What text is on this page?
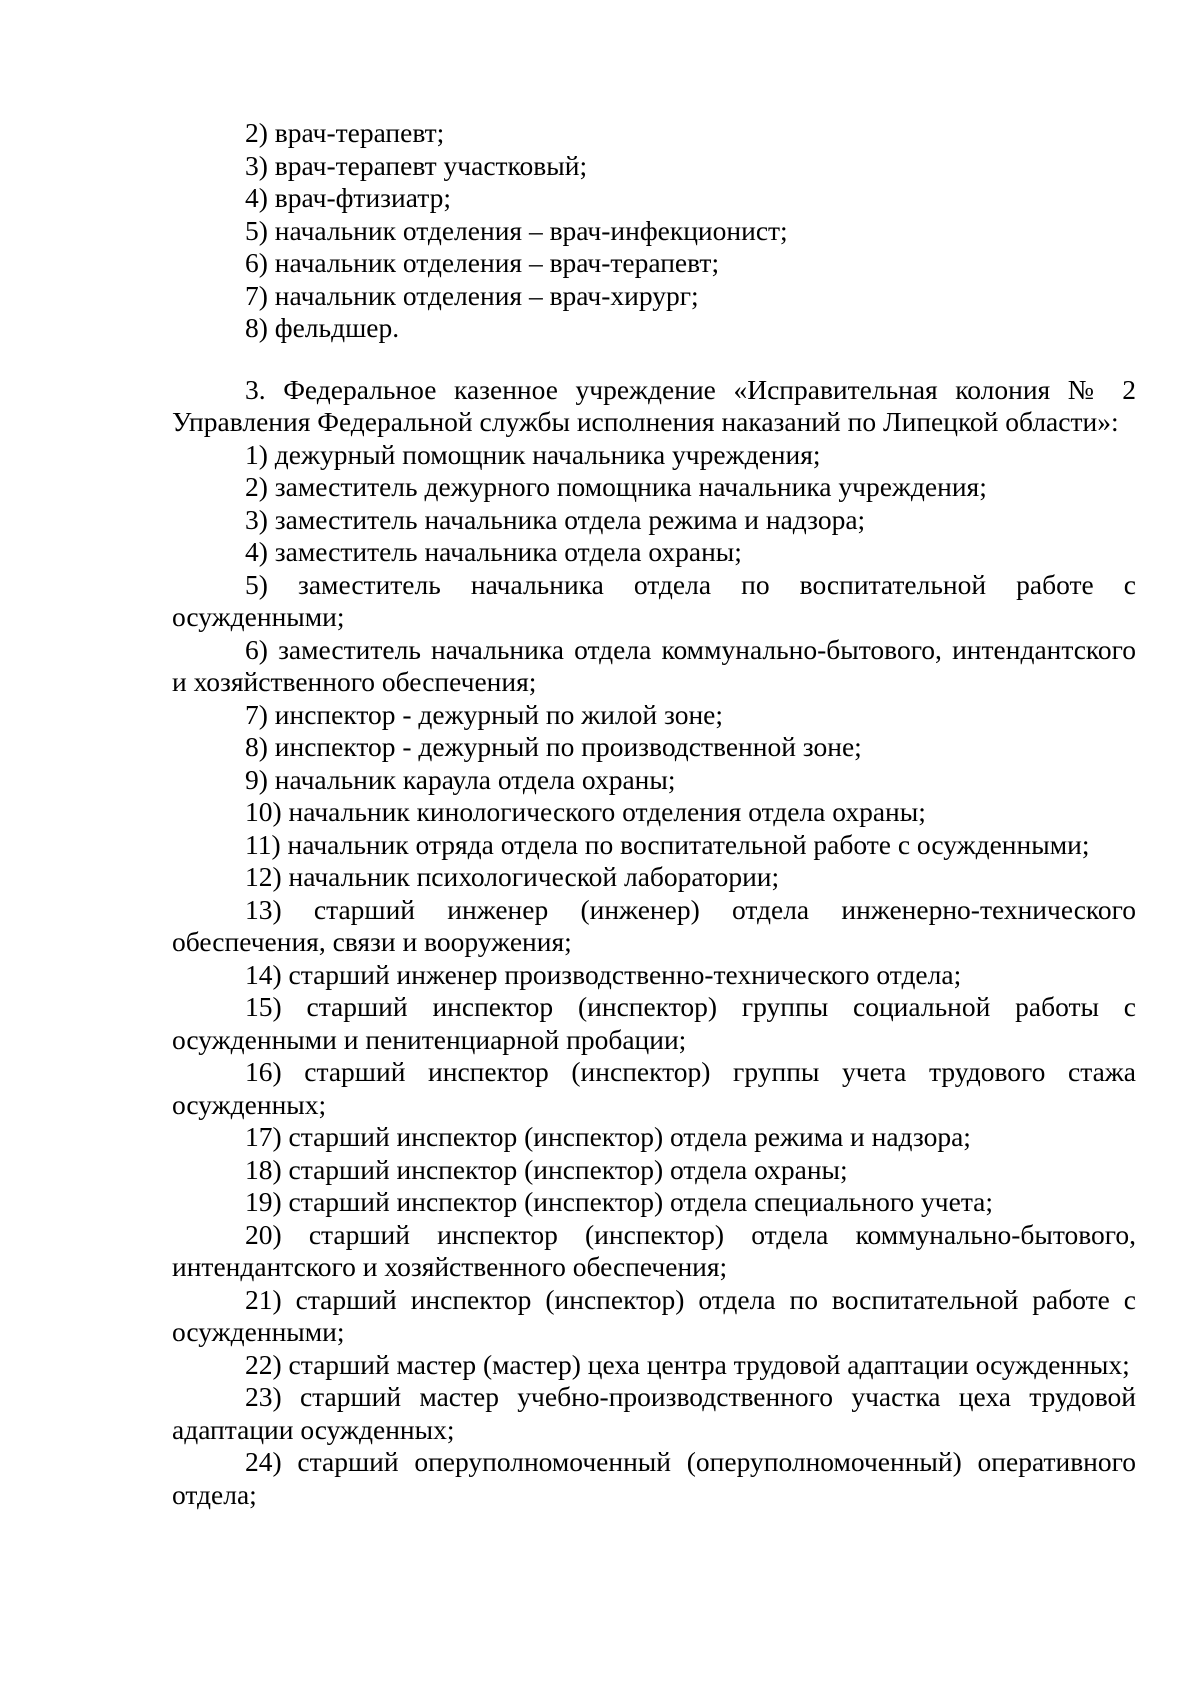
2) врач-терапевт;

3) врач-терапевт участковый;

4) врач-фтизиатр;

5) начальник отделения – врач-инфекционист;

6) начальник отделения – врач-терапевт;

7) начальник отделения – врач-хирург;

8) фельдшер.

3. Федеральное казенное учреждение «Исправительная колония № 2 Управления Федеральной службы исполнения наказаний по Липецкой области»:

1) дежурный помощник начальника учреждения;

2) заместитель дежурного помощника начальника учреждения;

3) заместитель начальника отдела режима и надзора;

4) заместитель начальника отдела охраны;

5) заместитель начальника отдела по воспитательной работе с осужденными;

6) заместитель начальника отдела коммунально-бытового, интендантского и хозяйственного обеспечения;

7) инспектор - дежурный по жилой зоне;

8) инспектор - дежурный по производственной зоне;

9) начальник караула отдела охраны;

10) начальник кинологического отделения отдела охраны;

11) начальник отряда отдела по воспитательной работе с осужденными;

12) начальник психологической лаборатории;

13) старший инженер (инженер) отдела инженерно-технического обеспечения, связи и вооружения;

14) старший инженер производственно-технического отдела;

15) старший инспектор (инспектор) группы социальной работы с осужденными и пенитенциарной пробации;

16) старший инспектор (инспектор) группы учета трудового стажа осужденных;

17) старший инспектор (инспектор) отдела режима и надзора;

18) старший инспектор (инспектор) отдела охраны;

19) старший инспектор (инспектор) отдела специального учета;

20) старший инспектор (инспектор) отдела коммунально-бытового, интендантского и хозяйственного обеспечения;

21) старший инспектор (инспектор) отдела по воспитательной работе с осужденными;

22) старший мастер (мастер) цеха центра трудовой адаптации осужденных;

23) старший мастер учебно-производственного участка цеха трудовой адаптации осужденных;

24) старший оперуполномоченный (оперуполномоченный) оперативного отдела;
